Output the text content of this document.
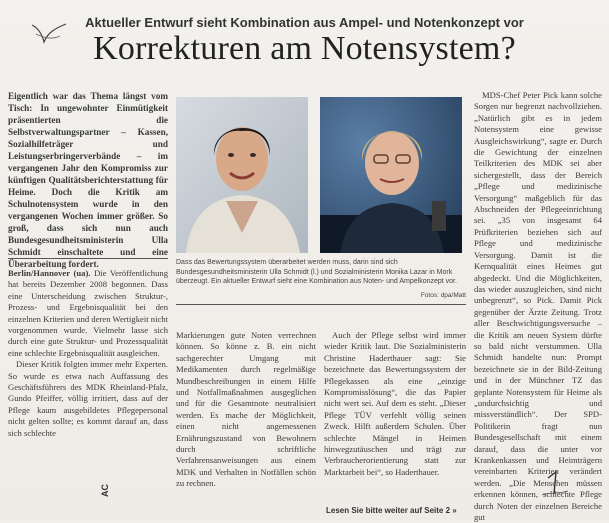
Aktueller Entwurf sieht Kombination aus Ampel- und Notenkonzept vor
Korrekturen am Notensystem?

Eigentlich war das Thema längst vom Tisch: In ungewohnter Einmütigkeit präsentierten die Selbstverwaltungspartner – Kassen, Sozialhilfeträger und Leistungserbringerverbände – im vergangenen Jahr den Kompromiss zur künftigen Qualitätsberichterstattung für Heime. Doch die Kritik am Schulnotensystem wurde in den vergangenen Wochen immer größer. So groß, dass sich nun auch Bundesgesundheitsministerin Ulla Schmidt einschaltete und eine Überarbeitung fordert.

Berlin/Hannover (ua). Die Veröffentlichung hat bereits Dezember 2008 begonnen. Dass eine Unterscheidung zwischen Struktur-, Prozess- und Ergebnisqualität bei den einzelnen Kriterien und deren Wertigkeit nicht vorgenommen wurde. Vielmehr lasse sich durch eine gute Struktur- und Prozessqualität eine schlechte Ergebnisqualität ausgleichen.

Dieser Kritik folgten immer mehr Experten. So wurde es etwa nach Auffassung des Geschäftsführers des MDK Rheinland-Pfalz, Gundo Pfeiffer, völlig irritiert, dass auf der Pflege kaum ausgebildetes Pflegepersonal nicht gelten sollte; es kommt darauf an, dass sich schlechte

Dass das Bewertungssystem überarbeitet werden muss, darin sind sich Bundesgesundheitsministerin Ulla Schmidt (l.) und Sozialministerin Monika Lazar in Mork überzeugt. Ein aktueller Entwurf sieht eine Kombination aus Noten- und Ampelkonzept vor.
Fotos: dpa/Matt

Markierungen gute Noten verrechnen können. So könne z. B. ein nicht sachgerechter Umgang mit Medikamenten durch regelmäßige Mundbeschreibungen in einem Hilfe und Notfallmaßnahmen ausgeglichen und für die Gesamtnote neutralisiert werden. Es mache der Möglichkeit, einen nicht angemessenen Ernährungszustand von Bewohnern durch schriftliche Verfahrensanweisungen aus einem MDK und Verhalten in Notfällen schön zu rechnen.

Auch der Pflege selbst wird immer wieder Kritik laut. Die Sozialministerin Christine Haderthauer sagt: Sie bezeichnete das Bewertungssystem der Pflegekassen als eine „einzige Kompromisslösung“, die das Papier nicht wert sei. Auf dem es steht. „Dieser Pflege TÜV verfehlt völlig seinen Zweck. Hilft außerdem Schulen. Über schlechte Mängel in Heimen hinwegzutäuschen und trägt zur Verbraucherorientierung statt zur Marktarbeit bei“, so Haderthauer.

MDS-Chef Peter Pick kann solche Sorgen nur begrenzt nachvollziehen. „Natürlich gibt es in jedem Notensystem eine gewisse Ausgleichswirkung“, sagte er. Durch die Gewichtung der einzelnen Teilkriterien des MDK sei aber sichergestellt, dass der Bereich „Pflege und medizinische Versorgung“ maßgeblich für das Abschneiden der Pflegeeinrichtung sei. „35 von insgesamt 64 Prüfkriterien beziehen sich auf Pflege und medizinische Versorgung. Damit ist die Kernqualität eines Heimes gut abgedeckt. Und die Möglichkeiten, das wieder auszugleichen, sind nicht unbegrenzt“, so Pick. Damit Pick gegenüber der Ärzte Zeitung. Trotz aller Beschwichtigungsversuche – die Kritik am neuen System dürfte so bald nicht verstummen. Ulla Schmidt handelte nun: Prompt bezeichnete sie in der Bild-Zeitung und in der Münchner TZ das geplante Notensystem für Heime als „undurchsichtig und missverständlich“. Der SPD-Politikerin fragt nun Bundesgesellschaft mit einem darauf, dass die unter vor Krankenkassen und Heimträgern vereinbarten Kriterien verändert werden. „Die Menschen müssen erkennen können, schlechte Pflege durch Noten der einzelnen Bereiche gut

Lesen Sie bitte weiter auf Seite 2 »
AC
